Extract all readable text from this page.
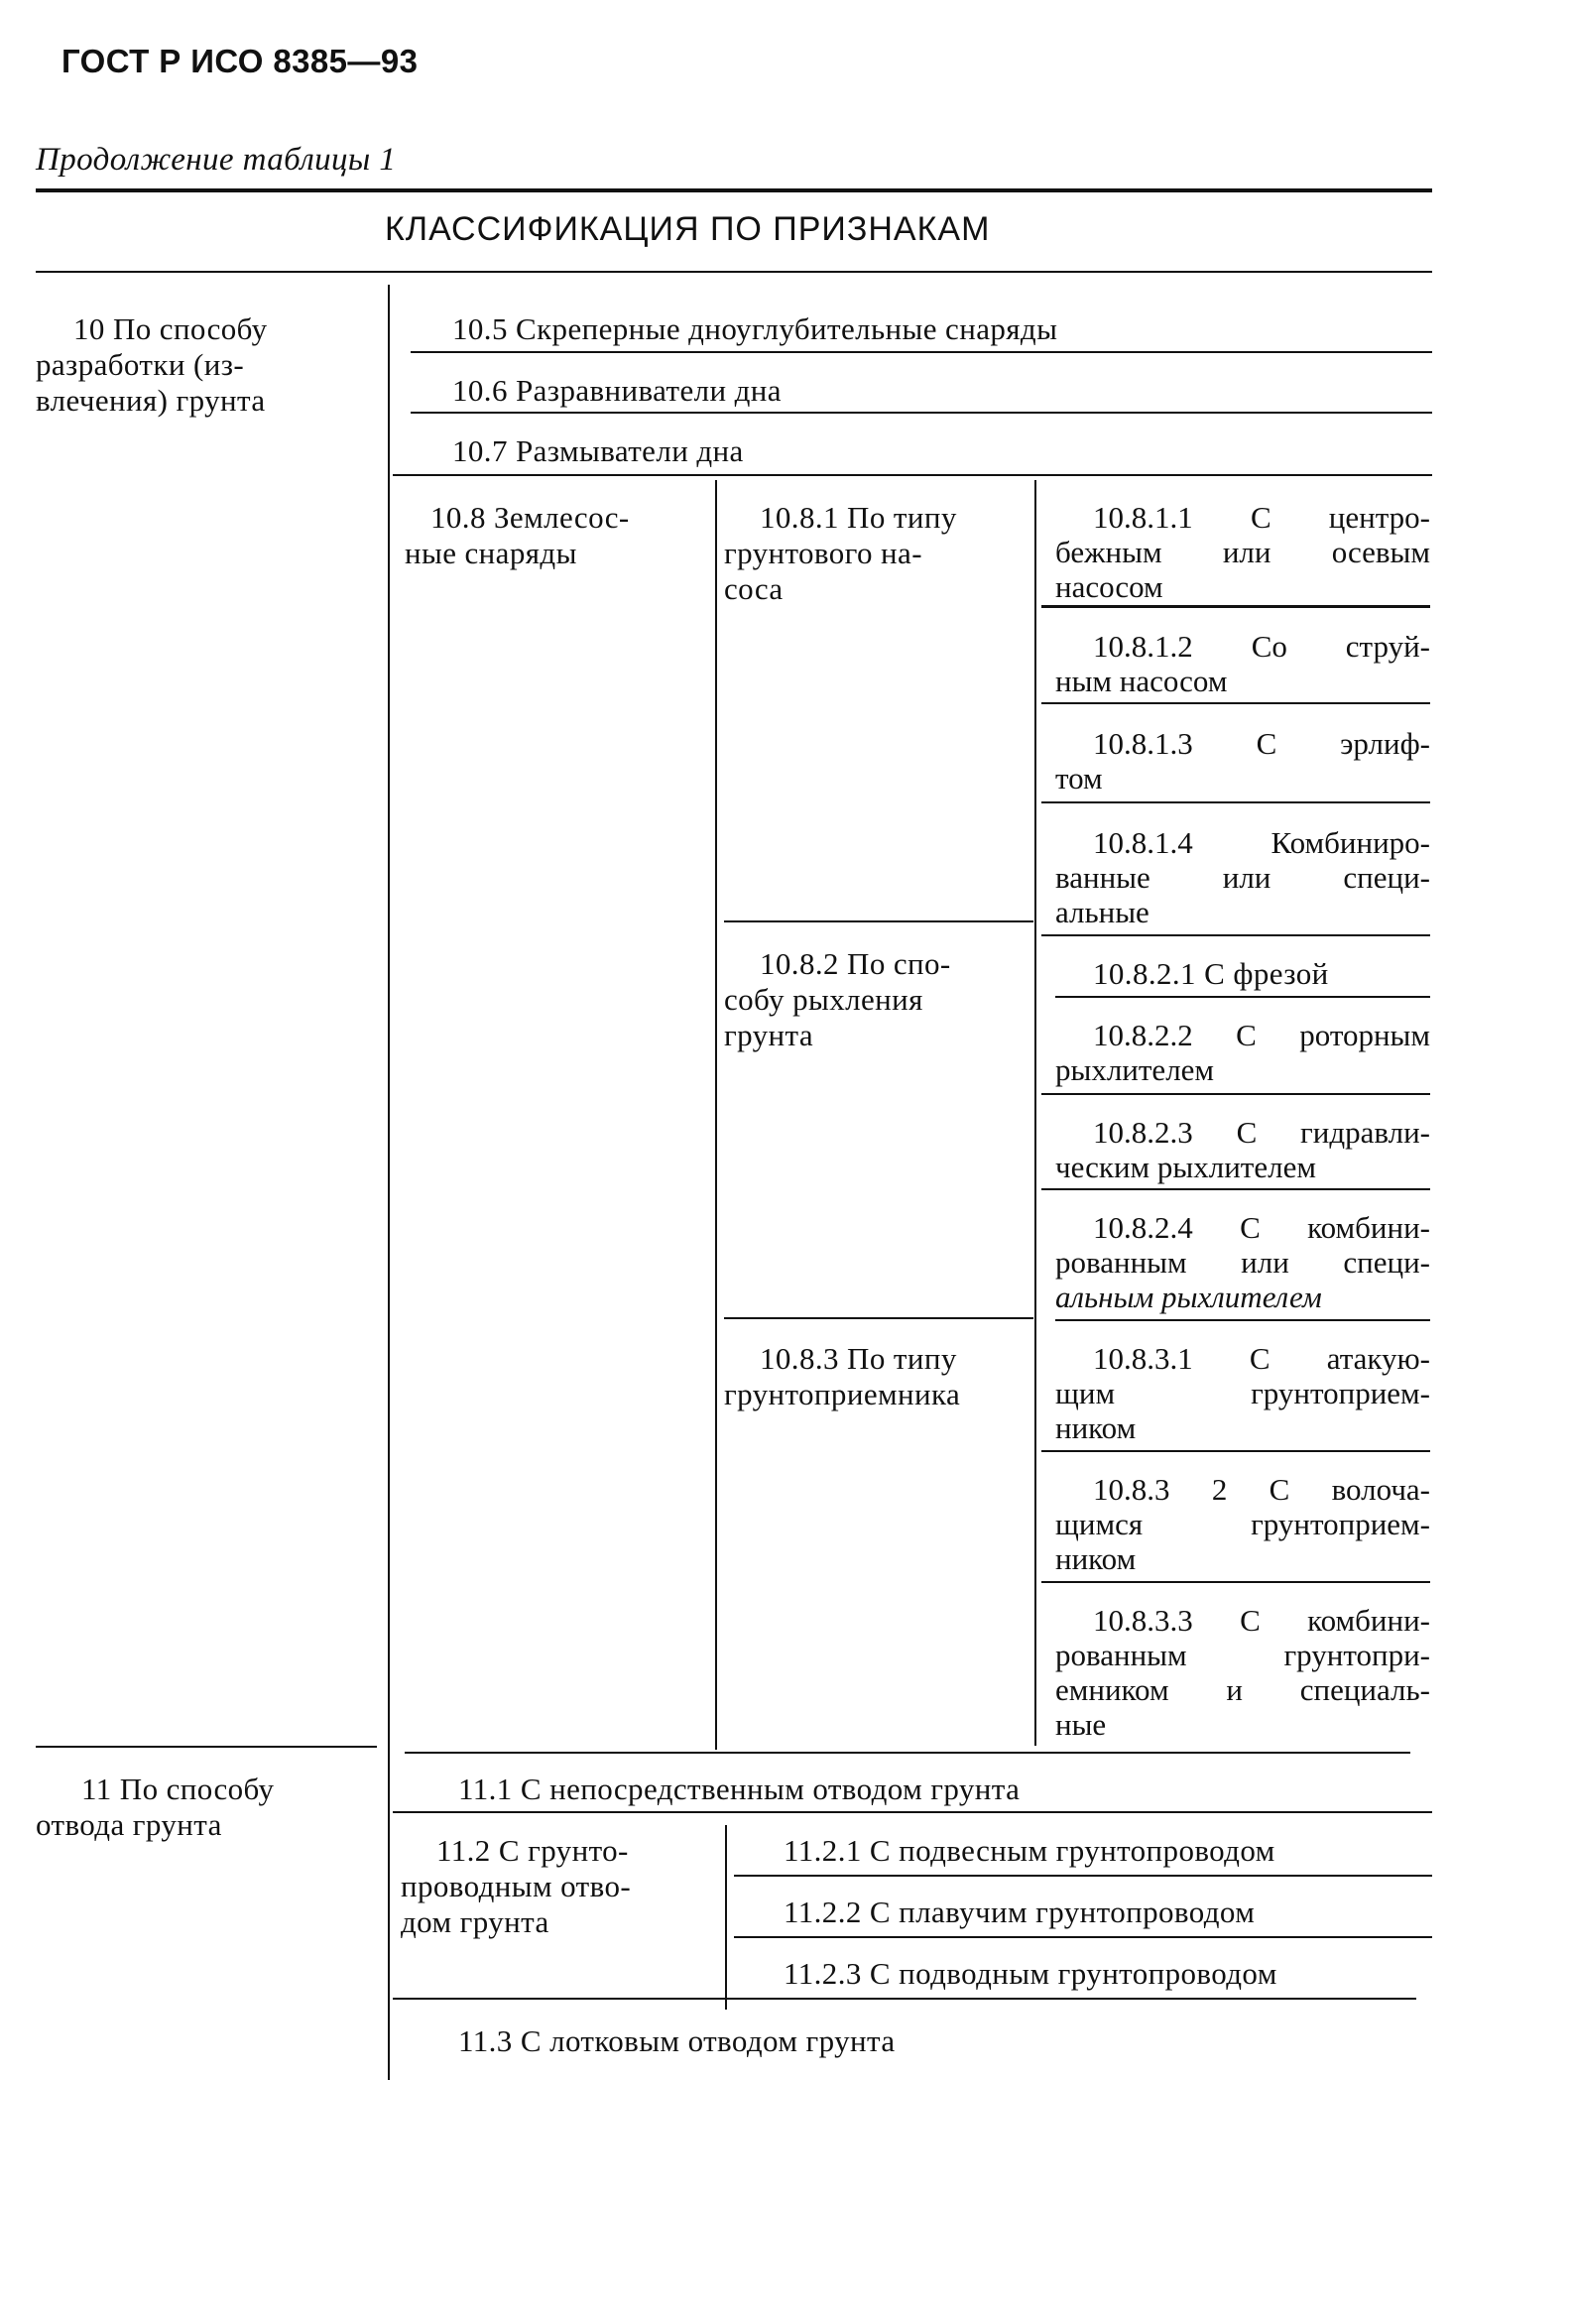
ГОСТ Р ИСО 8385—93
Продолжение таблицы 1
КЛАССИФИКАЦИЯ ПО ПРИЗНАКАМ
10 По способу
разработки (из-
влечения) грунта
10.5 Скреперные дноуглубительные снаряды
10.6 Разравниватели дна
10.7 Размыватели дна
10.8 Землесос-
ные снаряды
10.8.1 По типу
грунтового на-
соса
10.8.2 По спо-
собу рыхления
грунта
10.8.3 По типу
грунтоприемника
10.8.1.1 С центро-
бежным или осевым
насосом
10.8.1.2 Со струй-
ным насосом
10.8.1.3 С эрлиф-
том
10.8.1.4 Комбиниро-
ванные или специ-
альные
10.8.2.1 С фрезой
10.8.2.2 С роторным
рыхлителем
10.8.2.3 С гидравли-
ческим рыхлителем
10.8.2.4 С комбини-
рованным или специ-
альным рыхлителем
10.8.3.1 С атакую-
щим грунтоприем-
ником
10.8.3 2 С волоча-
щимся грунтоприем-
ником
10.8.3.3 С комбини-
рованным грунтопри-
емником и специаль-
ные
11 По способу
отвода грунта
11.1 С непосредственным отводом грунта
11.2 С грунто-
проводным отво-
дом грунта
11.2.1 С подвесным грунтопроводом
11.2.2 С плавучим грунтопроводом
11.2.3 С подводным грунтопроводом
11.3 С лотковым отводом грунта
